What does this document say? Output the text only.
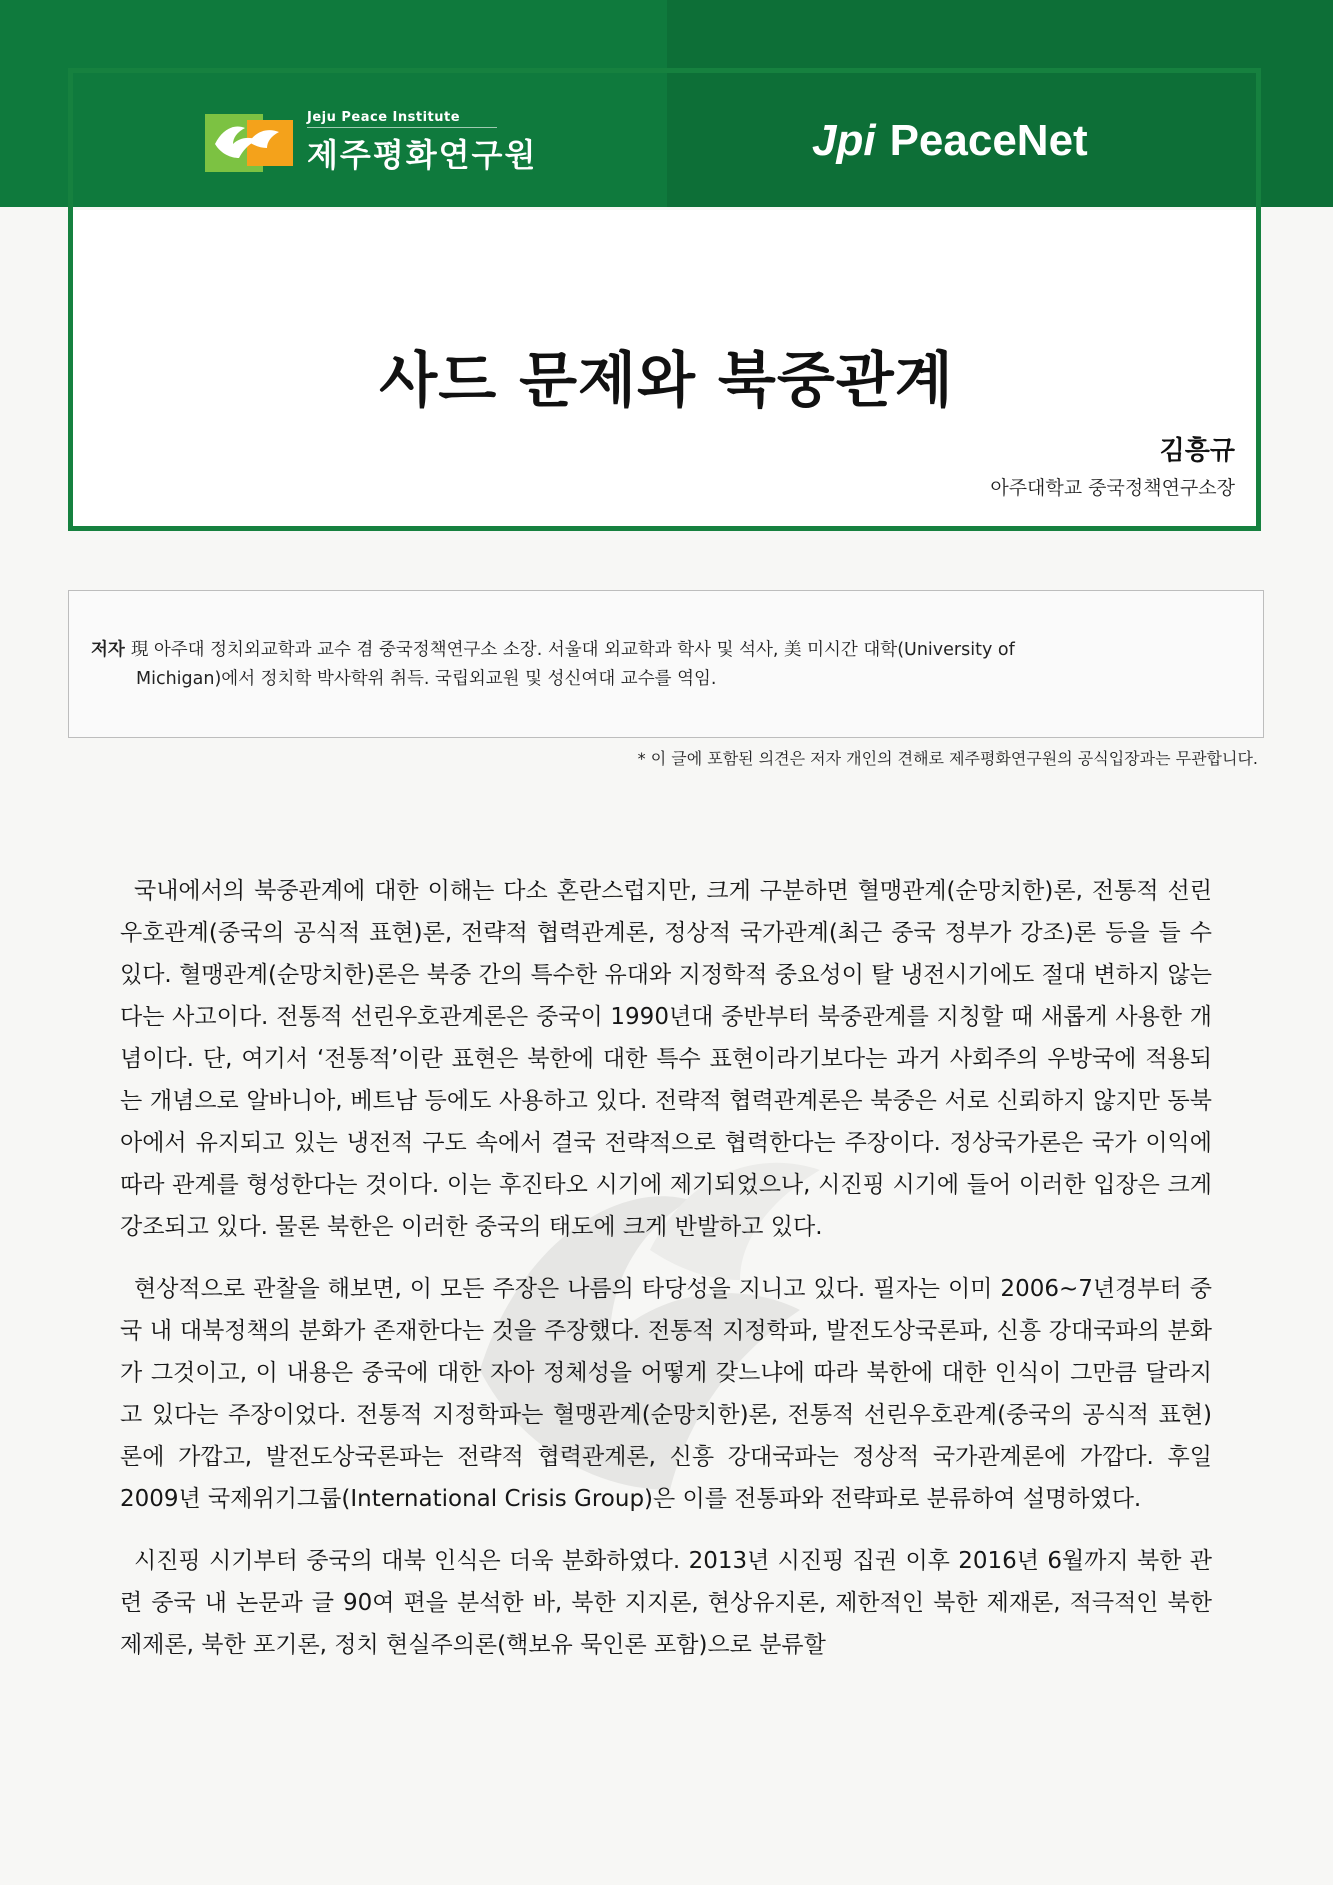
Jeju Peace Institute
제주평화연구원	Jpi PeaceNet
사드 문제와 북중관계
김흥규
아주대학교 중국정책연구소장
저자 現 아주대 정치외교학과 교수 겸 중국정책연구소 소장. 서울대 외교학과 학사 및 석사, 美 미시간 대학(University of
Michigan)에서 정치학 박사학위 취득. 국립외교원 및 성신여대 교수를 역임.
* 이 글에 포함된 의견은 저자 개인의 견해로 제주평화연구원의 공식입장과는 무관합니다.

국내에서의 북중관계에 대한 이해는 다소 혼란스럽지만, 크게 구분하면 혈맹관계(순망치한)론, 전통적 선린우호관계(중국의 공식적 표현)론, 전략적 협력관계론, 정상적 국가관계(최근 중국 정부가 강조)론 등을 들 수 있다. 혈맹관계(순망치한)론은 북중 간의 특수한 유대와 지정학적 중요성이 탈 냉전시기에도 절대 변하지 않는다는 사고이다. 전통적 선린우호관계론은 중국이 1990년대 중반부터 북중관계를 지칭할 때 새롭게 사용한 개념이다. 단, 여기서 ‘전통적’이란 표현은 북한에 대한 특수 표현이라기보다는 과거 사회주의 우방국에 적용되는 개념으로 알바니아, 베트남 등에도 사용하고 있다. 전략적 협력관계론은 북중은 서로 신뢰하지 않지만 동북아에서 유지되고 있는 냉전적 구도 속에서 결국 전략적으로 협력한다는 주장이다. 정상국가론은 국가 이익에 따라 관계를 형성한다는 것이다. 이는 후진타오 시기에 제기되었으나, 시진핑 시기에 들어 이러한 입장은 크게 강조되고 있다. 물론 북한은 이러한 중국의 태도에 크게 반발하고 있다.

현상적으로 관찰을 해보면, 이 모든 주장은 나름의 타당성을 지니고 있다. 필자는 이미 2006~7년경부터 중국 내 대북정책의 분화가 존재한다는 것을 주장했다. 전통적 지정학파, 발전도상국론파, 신흥 강대국파의 분화가 그것이고, 이 내용은 중국에 대한 자아 정체성을 어떻게 갖느냐에 따라 북한에 대한 인식이 그만큼 달라지고 있다는 주장이었다. 전통적 지정학파는 혈맹관계(순망치한)론, 전통적 선린우호관계(중국의 공식적 표현)론에 가깝고, 발전도상국론파는 전략적 협력관계론, 신흥 강대국파는 정상적 국가관계론에 가깝다. 후일 2009년 국제위기그룹(International Crisis Group)은 이를 전통파와 전략파로 분류하여 설명하였다.

시진핑 시기부터 중국의 대북 인식은 더욱 분화하였다. 2013년 시진핑 집권 이후 2016년 6월까지 북한 관련 중국 내 논문과 글 90여 편을 분석한 바, 북한 지지론, 현상유지론, 제한적인 북한 제재론, 적극적인 북한 제제론, 북한 포기론, 정치 현실주의론(핵보유 묵인론 포함)으로 분류할
